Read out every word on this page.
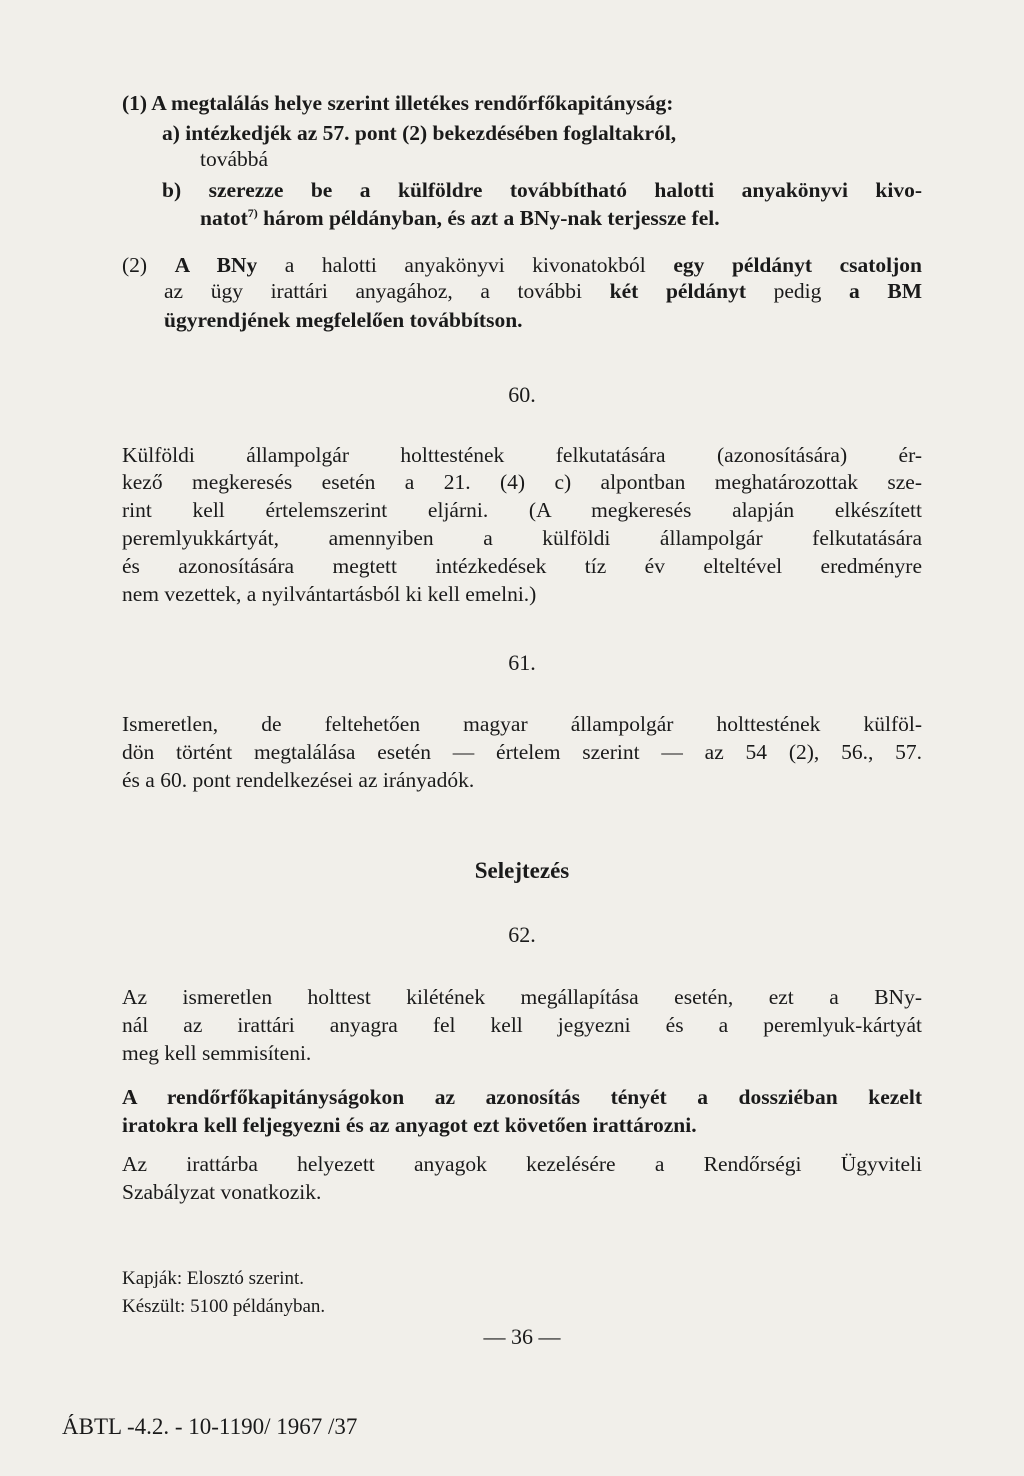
(1) A megtalálás helye szerint illetékes rendőrfőkapitányság:
a) intézkedjék az 57. pont (2) bekezdésében foglaltakról,
továbbá
b) szerezze be a külföldre továbbítható halotti anyakönyvi kivo-
natot$^{7)}$ három példányban, és azt a BNy-nak terjessze fel.
(2) A BNy a halotti anyakönyvi kivonatokból egy példányt csatoljon
az ügy irattári anyagához, a további két példányt pedig a BM
ügyrendjének megfelelően továbbítson.
60.
Külföldi állampolgár holttestének felkutatására (azonosítására) ér-
kező megkeresés esetén a 21. (4) c) alpontban meghatározottak sze-
rint kell értelemszerint eljárni. (A megkeresés alapján elkészített
peremlyukkártyát, amennyiben a külföldi állampolgár felkutatására
és azonosítására megtett intézkedések tíz év elteltével eredményre
nem vezettek, a nyilvántartásból ki kell emelni.)
61.
Ismeretlen, de feltehetően magyar állampolgár holttestének külföl-
dön történt megtalálása esetén — értelem szerint — az 54 (2), 56., 57.
és a 60. pont rendelkezései az irányadók.
Selejtezés
62.
Az ismeretlen holttest kilétének megállapítása esetén, ezt a BNy-
nál az irattári anyagra fel kell jegyezni és a peremlyuk-kártyát
meg kell semmisíteni.
A rendőrfőkapitányságokon az azonosítás tényét a dossziéban kezelt
iratokra kell feljegyezni és az anyagot ezt követően irattározni.
Az irattárba helyezett anyagok kezelésére a Rendőrségi Ügyviteli
Szabályzat vonatkozik.
Kapják: Elosztó szerint.
Készült: 5100 példányban.
— 36 —
ÁBTL -4.2. - 10-1190/ 1967 /37
